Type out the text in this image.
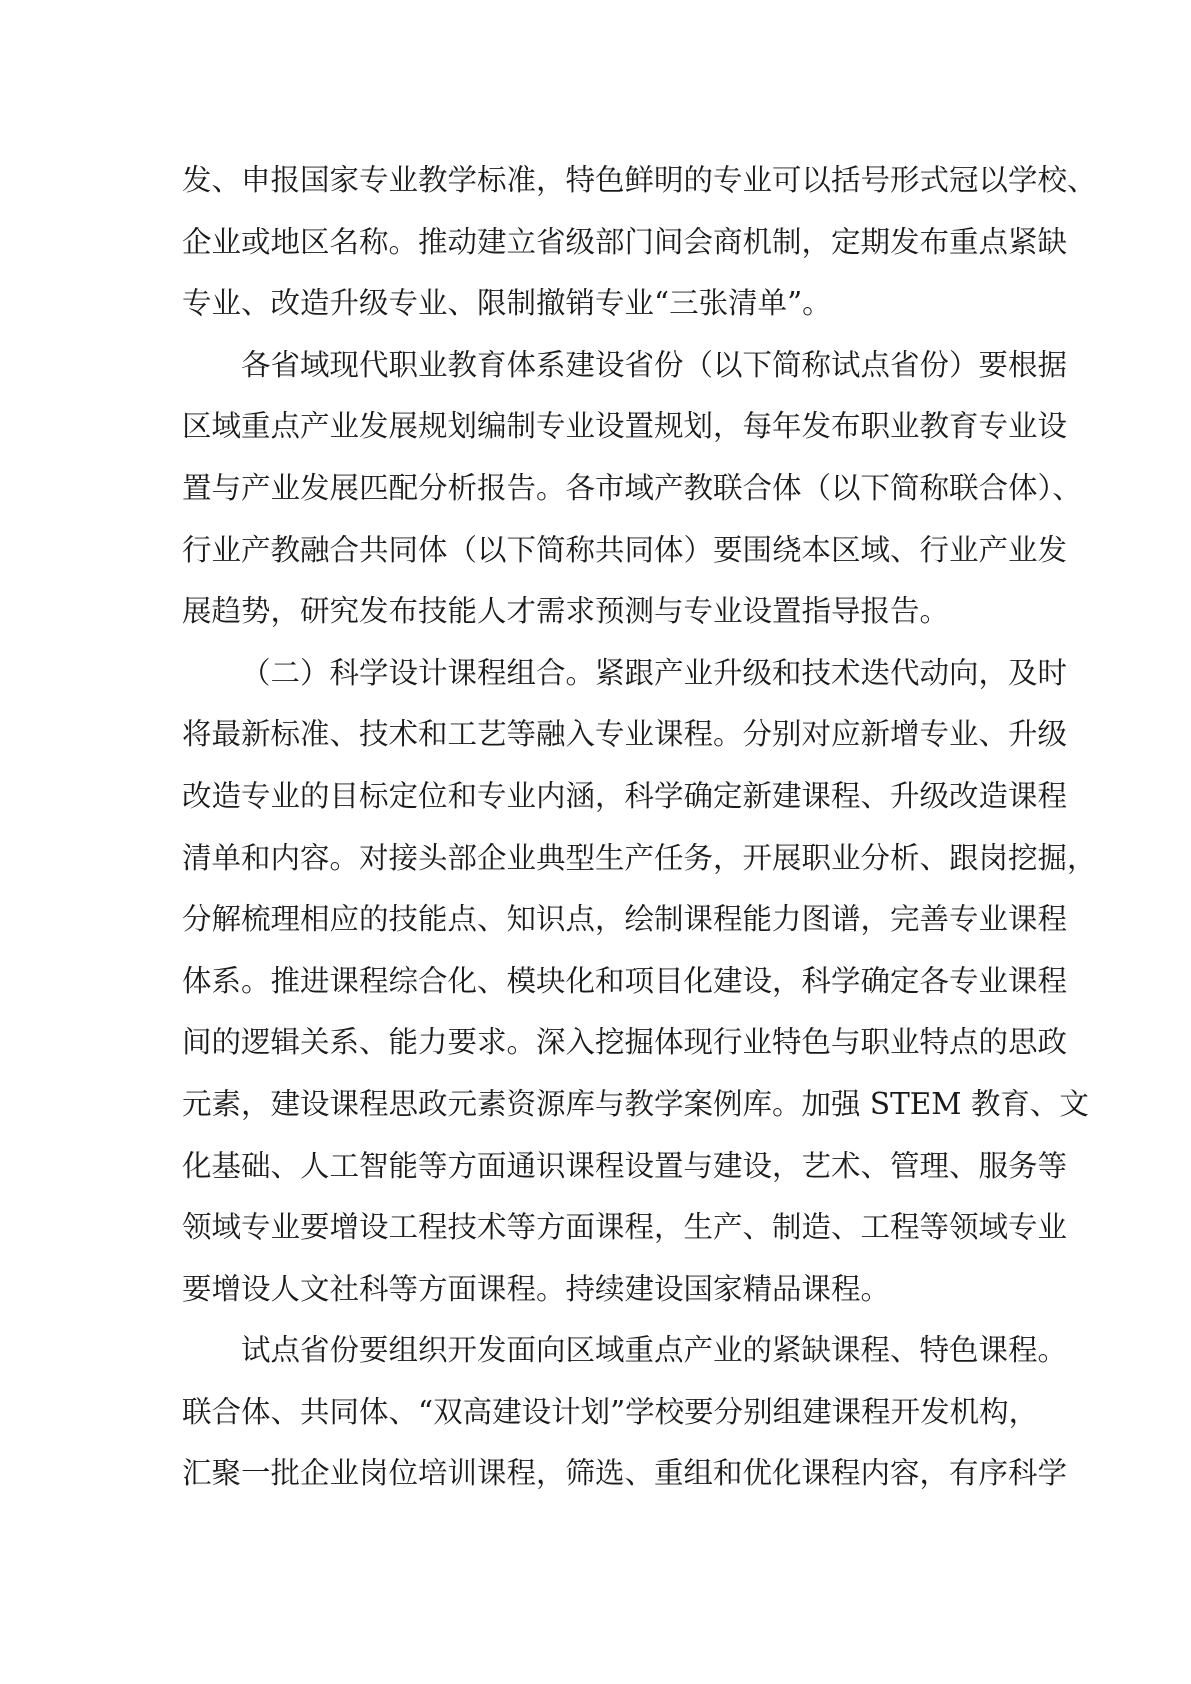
发、申报国家专业教学标准，特色鲜明的专业可以括号形式冠以学校、
企业或地区名称。推动建立省级部门间会商机制，定期发布重点紧缺
专业、改造升级专业、限制撤销专业“三张清单”。
各省域现代职业教育体系建设省份（以下简称试点省份）要根据
区域重点产业发展规划编制专业设置规划，每年发布职业教育专业设
置与产业发展匹配分析报告。各市域产教联合体（以下简称联合体）、
行业产教融合共同体（以下简称共同体）要围绕本区域、行业产业发
展趋势，研究发布技能人才需求预测与专业设置指导报告。
（二）科学设计课程组合。紧跟产业升级和技术迭代动向，及时
将最新标准、技术和工艺等融入专业课程。分别对应新增专业、升级
改造专业的目标定位和专业内涵，科学确定新建课程、升级改造课程
清单和内容。对接头部企业典型生产任务，开展职业分析、跟岗挖掘，
分解梳理相应的技能点、知识点，绘制课程能力图谱，完善专业课程
体系。推进课程综合化、模块化和项目化建设，科学确定各专业课程
间的逻辑关系、能力要求。深入挖掘体现行业特色与职业特点的思政
元素，建设课程思政元素资源库与教学案例库。加强 STEM 教育、文
化基础、人工智能等方面通识课程设置与建设，艺术、管理、服务等
领域专业要增设工程技术等方面课程，生产、制造、工程等领域专业
要增设人文社科等方面课程。持续建设国家精品课程。
试点省份要组织开发面向区域重点产业的紧缺课程、特色课程。
联合体、共同体、“双高建设计划”学校要分别组建课程开发机构，
汇聚一批企业岗位培训课程，筛选、重组和优化课程内容，有序科学
